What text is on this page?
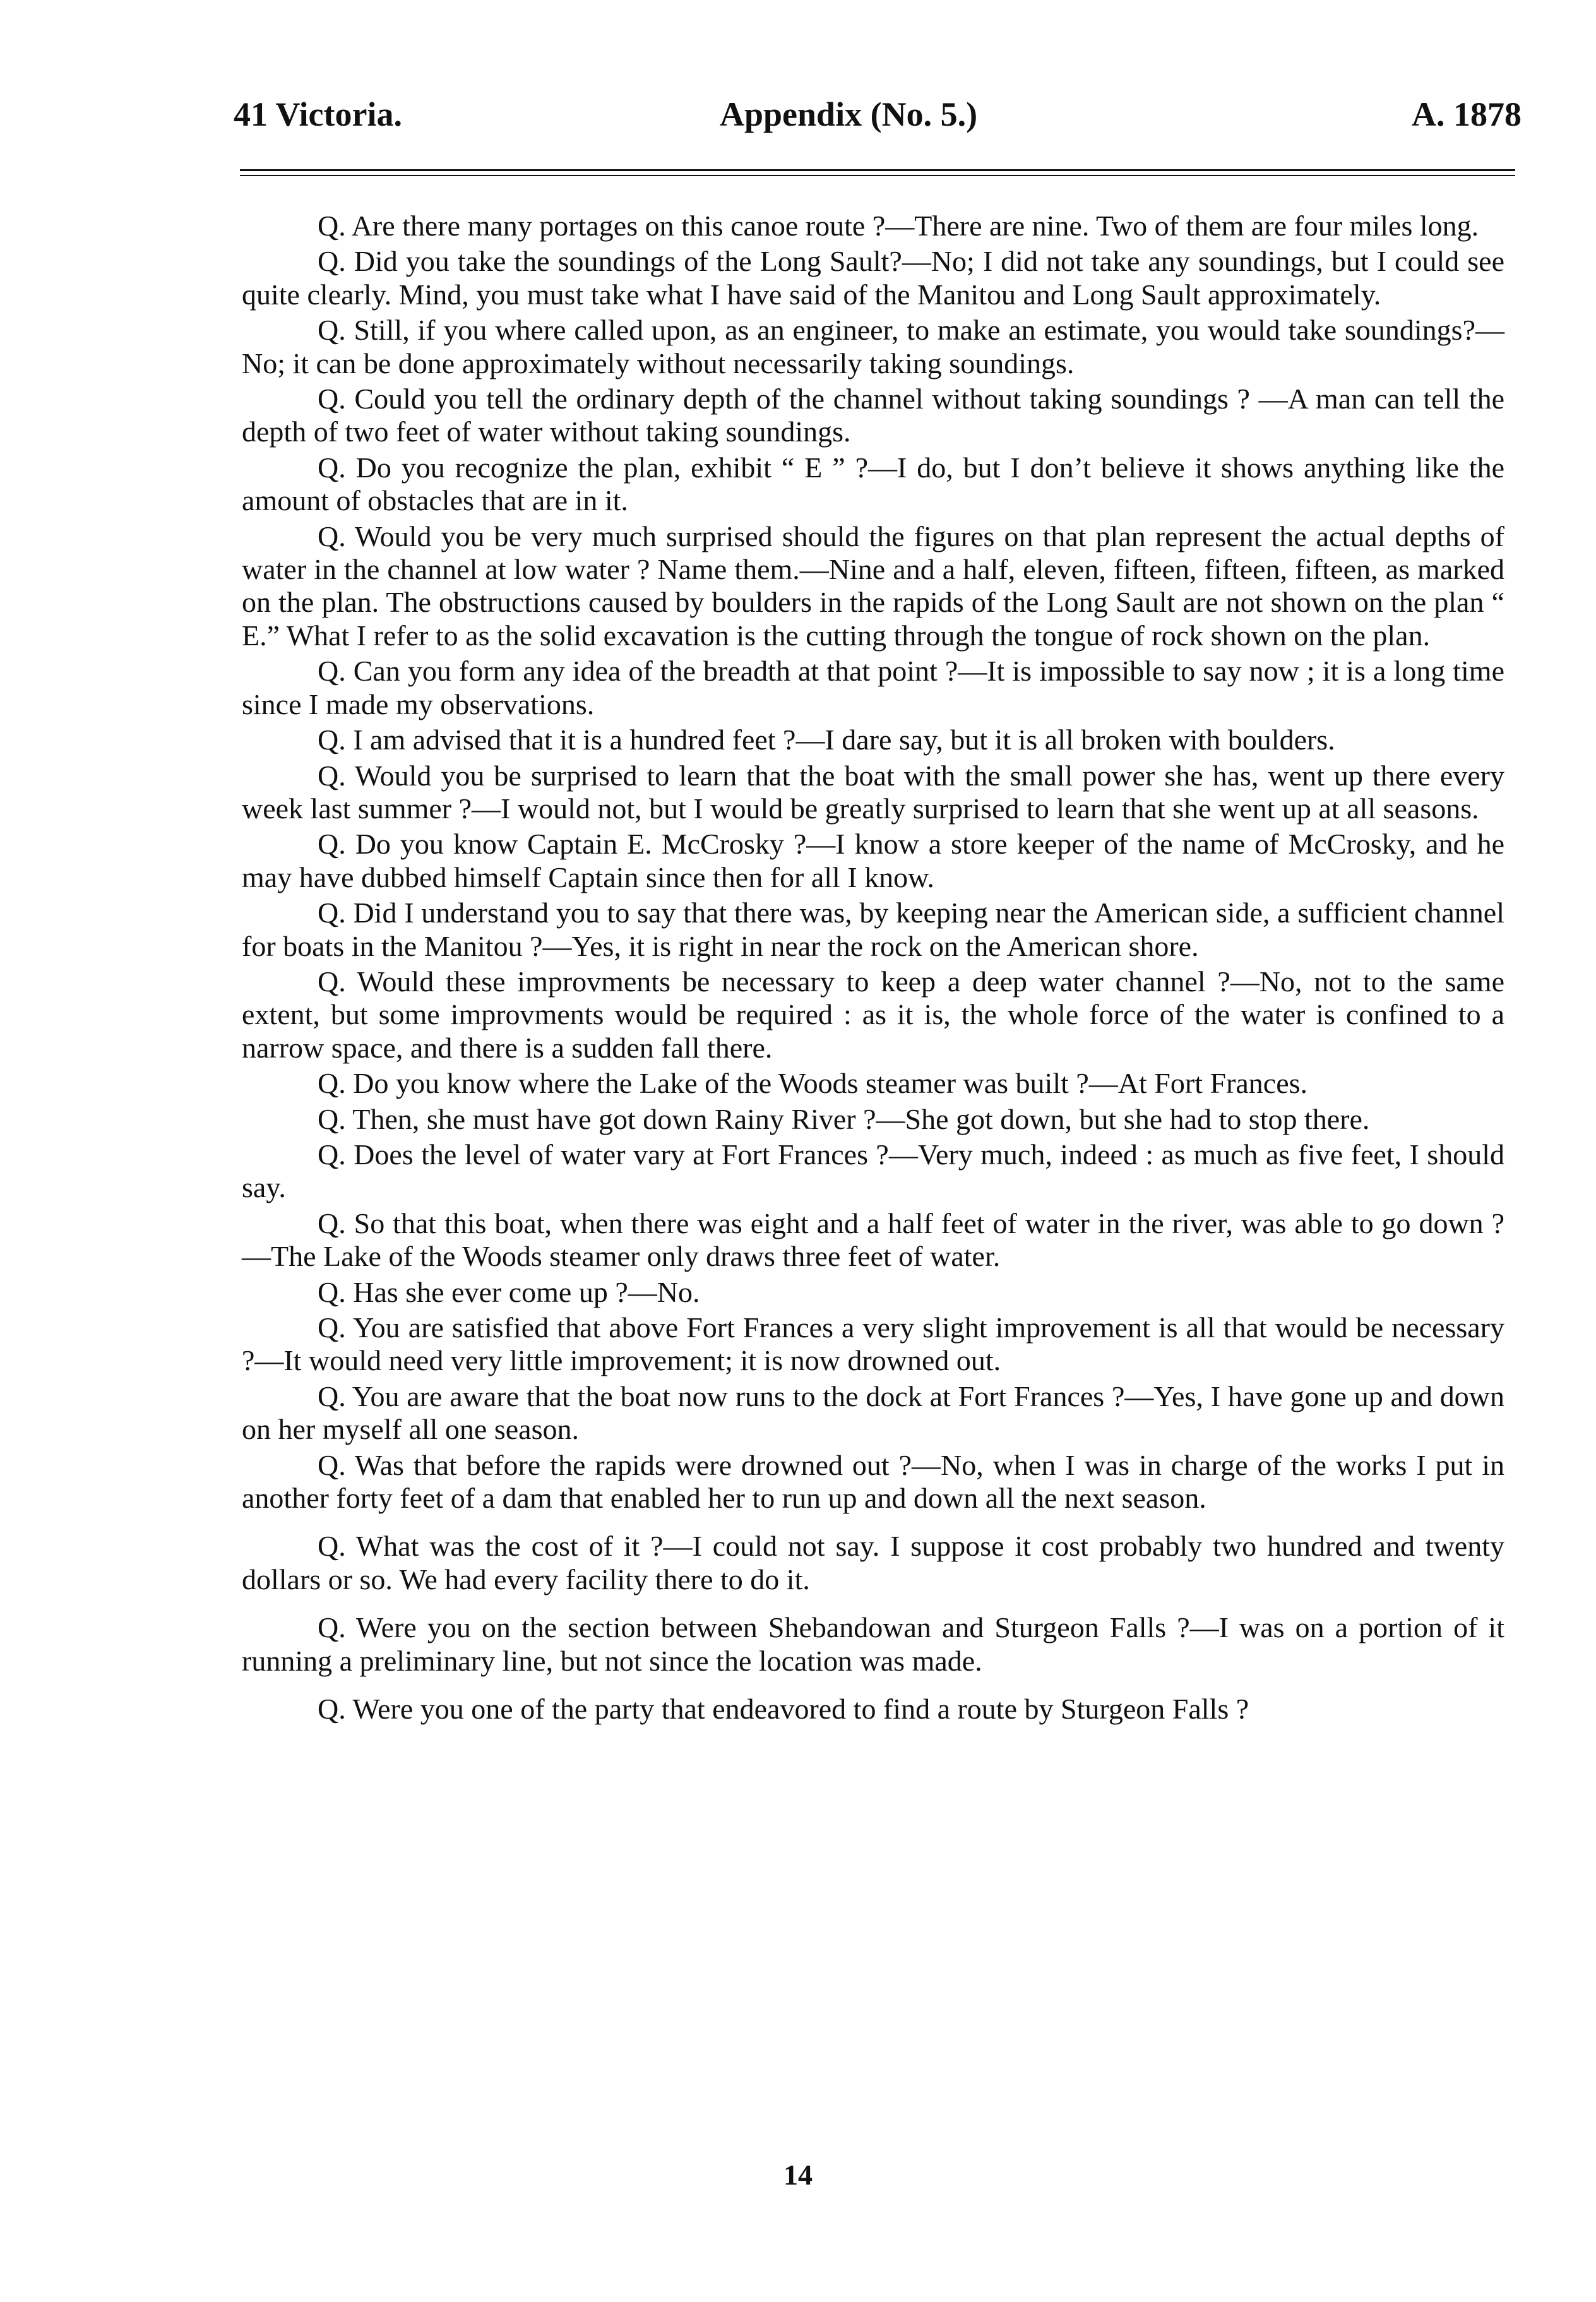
41 Victoria.	Appendix (No. 5.)	A. 1878

Q. Are there many portages on this canoe route ?—There are nine. Two of them are four miles long.

Q. Did you take the soundings of the Long Sault?—No; I did not take any soundings, but I could see quite clearly. Mind, you must take what I have said of the Manitou and Long Sault approximately.

Q. Still, if you where called upon, as an engineer, to make an estimate, you would take soundings?—No; it can be done approximately without necessarily taking soundings.

Q. Could you tell the ordinary depth of the channel without taking soundings ? —A man can tell the depth of two feet of water without taking soundings.

Q. Do you recognize the plan, exhibit “ E ” ?—I do, but I don’t believe it shows anything like the amount of obstacles that are in it.

Q. Would you be very much surprised should the figures on that plan represent the actual depths of water in the channel at low water ? Name them.—Nine and a half, eleven, fifteen, fifteen, fifteen, as marked on the plan. The obstructions caused by boulders in the rapids of the Long Sault are not shown on the plan “ E.” What I refer to as the solid excavation is the cutting through the tongue of rock shown on the plan.

Q. Can you form any idea of the breadth at that point ?—It is impossible to say now ; it is a long time since I made my observations.

Q. I am advised that it is a hundred feet ?—I dare say, but it is all broken with boulders.

Q. Would you be surprised to learn that the boat with the small power she has, went up there every week last summer ?—I would not, but I would be greatly surprised to learn that she went up at all seasons.

Q. Do you know Captain E. McCrosky ?—I know a store keeper of the name of McCrosky, and he may have dubbed himself Captain since then for all I know.

Q. Did I understand you to say that there was, by keeping near the American side, a sufficient channel for boats in the Manitou ?—Yes, it is right in near the rock on the American shore.

Q. Would these improvments be necessary to keep a deep water channel ?—No, not to the same extent, but some improvments would be required : as it is, the whole force of the water is confined to a narrow space, and there is a sudden fall there.

Q. Do you know where the Lake of the Woods steamer was built ?—At Fort Frances.

Q. Then, she must have got down Rainy River ?—She got down, but she had to stop there.

Q. Does the level of water vary at Fort Frances ?—Very much, indeed : as much as five feet, I should say.

Q. So that this boat, when there was eight and a half feet of water in the river, was able to go down ?—The Lake of the Woods steamer only draws three feet of water.

Q. Has she ever come up ?—No.

Q. You are satisfied that above Fort Frances a very slight improvement is all that would be necessary ?—It would need very little improvement; it is now drowned out.

Q. You are aware that the boat now runs to the dock at Fort Frances ?—Yes, I have gone up and down on her myself all one season.

Q. Was that before the rapids were drowned out ?—No, when I was in charge of the works I put in another forty feet of a dam that enabled her to run up and down all the next season.

Q. What was the cost of it ?—I could not say. I suppose it cost probably two hundred and twenty dollars or so. We had every facility there to do it.

Q. Were you on the section between Shebandowan and Sturgeon Falls ?—I was on a portion of it running a preliminary line, but not since the location was made.

Q. Were you one of the party that endeavored to find a route by Sturgeon Falls ?

14
